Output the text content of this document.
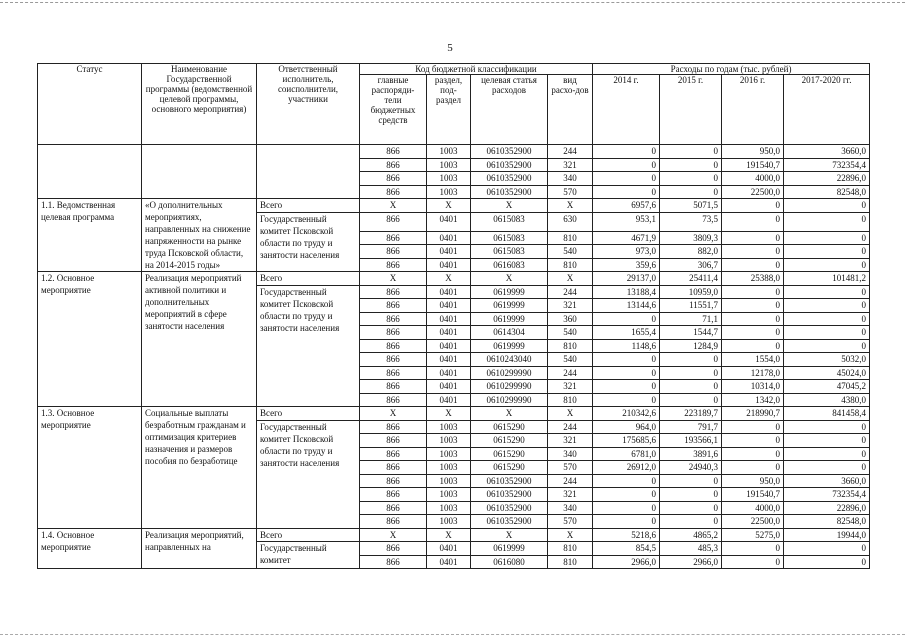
5
Статус	Наименование Государственной программы (ведомственной целевой программы, основного мероприятия)	Ответственный исполнитель, соисполнители, участники	Код бюджетной классификации				Расходы по годам (тыс. рублей)			
			главные распоряди-тели бюджетных средств	раздел, под-раздел	целевая статья расходов	вид расхо-дов	2014 г.	2015 г.	2016 г.	2017-2020 гг.
			866	1003	0610352900	244	0	0	950,0	3660,0
			866	1003	0610352900	321	0	0	191540,7	732354,4
			866	1003	0610352900	340	0	0	4000,0	22896,0
			866	1003	0610352900	570	0	0	22500,0	82548,0
1.1. Ведомственная целевая программа	«О дополнительных мероприятиях, направленных на снижение напряженности на рынке труда Псковской области, на 2014-2015 годы»	Всего	Х	Х	Х	Х	6957,6	5071,5	0	0
		Государственный комитет Псковской области по труду и занятости населения	866	0401	0615083	630	953,1	73,5	0	0
			866	0401	0615083	810	4671,9	3809,3	0	0
			866	0401	0615083	540	973,0	882,0	0	0
			866	0401	0616083	810	359,6	306,7	0	0
1.2. Основное мероприятие	Реализация мероприятий активной политики и дополнительных мероприятий в сфере занятости населения	Всего	Х	Х	Х	Х	29137,0	25411,4	25388,0	101481,2
		Государственный комитет Псковской области по труду и занятости населения	866	0401	0619999	244	13188,4	10959,0	0	0
			866	0401	0619999	321	13144,6	11551,7	0	0
			866	0401	0619999	360	0	71,1	0	0
			866	0401	0614304	540	1655,4	1544,7	0	0
			866	0401	0619999	810	1148,6	1284,9	0	0
			866	0401	0610243040	540	0	0	1554,0	5032,0
			866	0401	0610299990	244	0	0	12178,0	45024,0
			866	0401	0610299990	321	0	0	10314,0	47045,2
			866	0401	0610299990	810	0	0	1342,0	4380,0
1.3. Основное мероприятие	Социальные выплаты безработным гражданам и оптимизация критериев назначения и размеров пособия по безработице	Всего	Х	Х	Х	Х	210342,6	223189,7	218990,7	841458,4
		Государственный комитет Псковской области по труду и занятости населения	866	1003	0615290	244	964,0	791,7	0	0
			866	1003	0615290	321	175685,6	193566,1	0	0
			866	1003	0615290	340	6781,0	3891,6	0	0
			866	1003	0615290	570	26912,0	24940,3	0	0
			866	1003	0610352900	244	0	0	950,0	3660,0
			866	1003	0610352900	321	0	0	191540,7	732354,4
			866	1003	0610352900	340	0	0	4000,0	22896,0
			866	1003	0610352900	570	0	0	22500,0	82548,0
1.4. Основное мероприятие	Реализация мероприятий, направленных на	Всего	Х	Х	Х	Х	5218,6	4865,2	5275,0	19944,0
		Государственный комитет	866	0401	0619999	810	854,5	485,3	0	0
			866	0401	0616080	810	2966,0	2966,0	0	0
